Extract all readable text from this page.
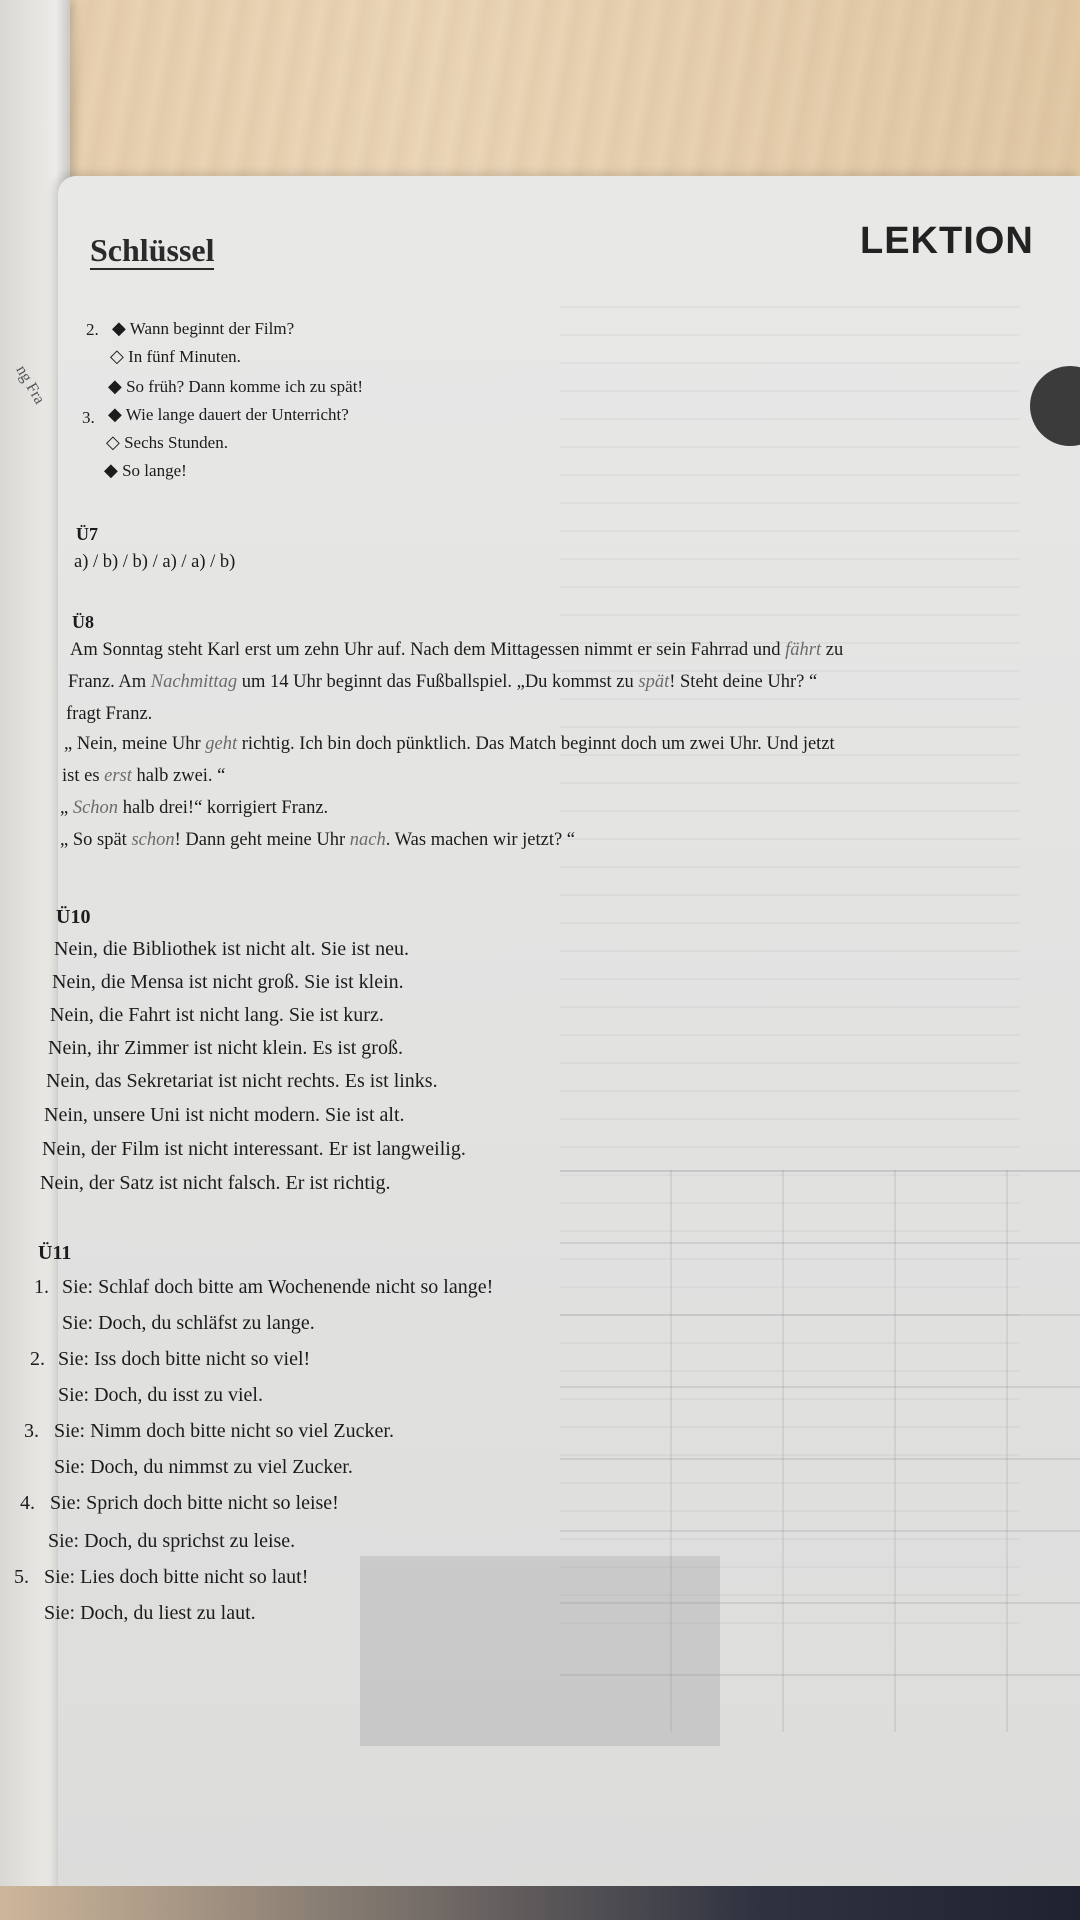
ng Fra
Schlüssel	LEKTION
2. ◆	Wann beginnt der Film?
◇ In fünf Minuten.
◆ So früh? Dann komme ich zu spät!
3. ◆	Wie lange dauert der Unterricht?
◇ Sechs Stunden.
◆ So lange!
Ü7
a) / b) / b) / a) / a) / b)
Ü8
Am Sonntag steht Karl erst um zehn Uhr auf. Nach dem Mittagessen nimmt er sein Fahrrad und fährt zu
Franz. Am Nachmittag um 14 Uhr beginnt das Fußballspiel. „Du kommst zu spät! Steht deine Uhr? “
fragt Franz.
„ Nein, meine Uhr geht richtig. Ich bin doch pünktlich. Das Match beginnt doch um zwei Uhr. Und jetzt
ist es erst halb zwei. “
„ Schon halb drei!“ korrigiert Franz.
„ So spät schon! Dann geht meine Uhr nach. Was machen wir jetzt? “
Ü10
Nein, die Bibliothek ist nicht alt. Sie ist neu.
Nein, die Mensa ist nicht groß. Sie ist klein.
Nein, die Fahrt ist nicht lang. Sie ist kurz.
Nein, ihr Zimmer ist nicht klein. Es ist groß.
Nein, das Sekretariat ist nicht rechts. Es ist links.
Nein, unsere Uni ist nicht modern. Sie ist alt.
Nein, der Film ist nicht interessant. Er ist langweilig.
Nein, der Satz ist nicht falsch. Er ist richtig.
Ü11
1. Sie: Schlaf doch bitte am Wochenende nicht so lange!
Sie: Doch, du schläfst zu lange.
2. Sie: Iss doch bitte nicht so viel!
Sie: Doch, du isst zu viel.
3. Sie: Nimm doch bitte nicht so viel Zucker.
Sie: Doch, du nimmst zu viel Zucker.
4. Sie: Sprich doch bitte nicht so leise!
Sie: Doch, du sprichst zu leise.
5. Sie: Lies doch bitte nicht so laut!
Sie: Doch, du liest zu laut.
